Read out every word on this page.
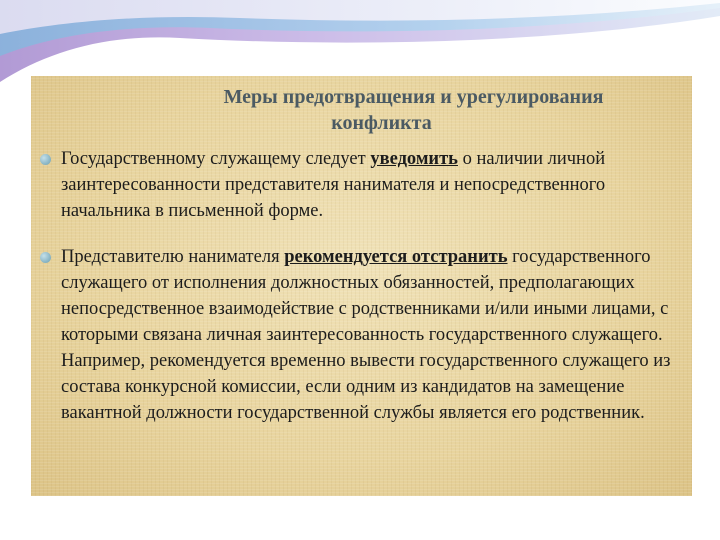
Меры предотвращения и урегулирования
конфликта
Государственному служащему следует уведомить о наличии личной заинтересованности представителя нанимателя и непосредственного начальника в письменной форме.
Представителю нанимателя рекомендуется отстранить государственного служащего от исполнения должностных обязанностей, предполагающих непосредственное взаимодействие с родственниками и/или иными лицами, с которыми связана личная заинтересованность государственного служащего. Например, рекомендуется временно вывести государственного служащего из состава конкурсной комиссии, если одним из кандидатов на замещение вакантной должности государственной службы является его родственник.
